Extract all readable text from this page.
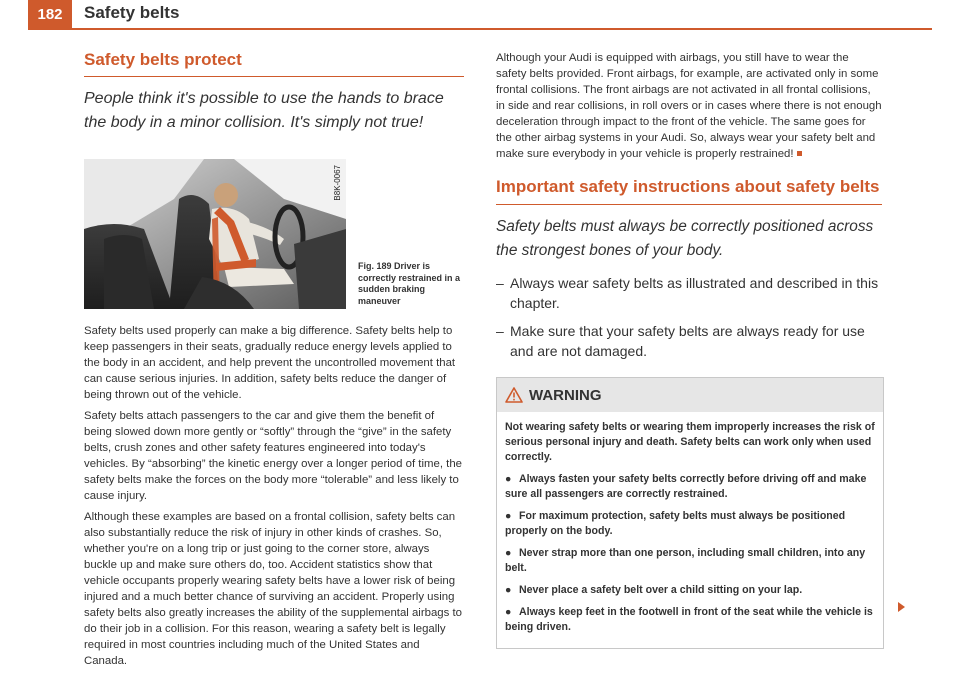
182	Safety belts
Safety belts protect

People think it's possible to use the hands to brace the body in a minor collision. It's simply not true!

B8K-0067
Fig. 189 Driver is correctly restrained in a sudden braking maneuver

Safety belts used properly can make a big difference. Safety belts help to keep passengers in their seats, gradually reduce energy levels applied to the body in an accident, and help prevent the uncontrolled movement that can cause serious injuries. In addition, safety belts reduce the danger of being thrown out of the vehicle.

Safety belts attach passengers to the car and give them the benefit of being slowed down more gently or “softly” through the “give” in the safety belts, crush zones and other safety features engineered into today's vehicles. By “absorbing” the kinetic energy over a longer period of time, the safety belts make the forces on the body more “tolerable” and less likely to cause injury.

Although these examples are based on a frontal collision, safety belts can also substantially reduce the risk of injury in other kinds of crashes. So, whether you're on a long trip or just going to the corner store, always buckle up and make sure others do, too. Accident statistics show that vehicle occupants properly wearing safety belts have a lower risk of being injured and a much better chance of surviving an accident. Properly using safety belts also greatly increases the ability of the supplemental airbags to do their job in a collision. For this reason, wearing a safety belt is legally required in most countries including much of the United States and Canada.

Although your Audi is equipped with airbags, you still have to wear the safety belts provided. Front airbags, for example, are activated only in some frontal collisions. The front airbags are not activated in all frontal collisions, in side and rear collisions, in roll overs or in cases where there is not enough deceleration through impact to the front of the vehicle. The same goes for the other airbag systems in your Audi. So, always wear your safety belt and make sure everybody in your vehicle is properly restrained!

Important safety instructions about safety belts

Safety belts must always be correctly positioned across the strongest bones of your body.

– Always wear safety belts as illustrated and described in this chapter.
– Make sure that your safety belts are always ready for use and are not damaged.
WARNING

Not wearing safety belts or wearing them improperly increases the risk of serious personal injury and death. Safety belts can work only when used correctly.

● Always fasten your safety belts correctly before driving off and make sure all passengers are correctly restrained.

● For maximum protection, safety belts must always be positioned properly on the body.

● Never strap more than one person, including small children, into any belt.

● Never place a safety belt over a child sitting on your lap.

● Always keep feet in the footwell in front of the seat while the vehicle is being driven.
